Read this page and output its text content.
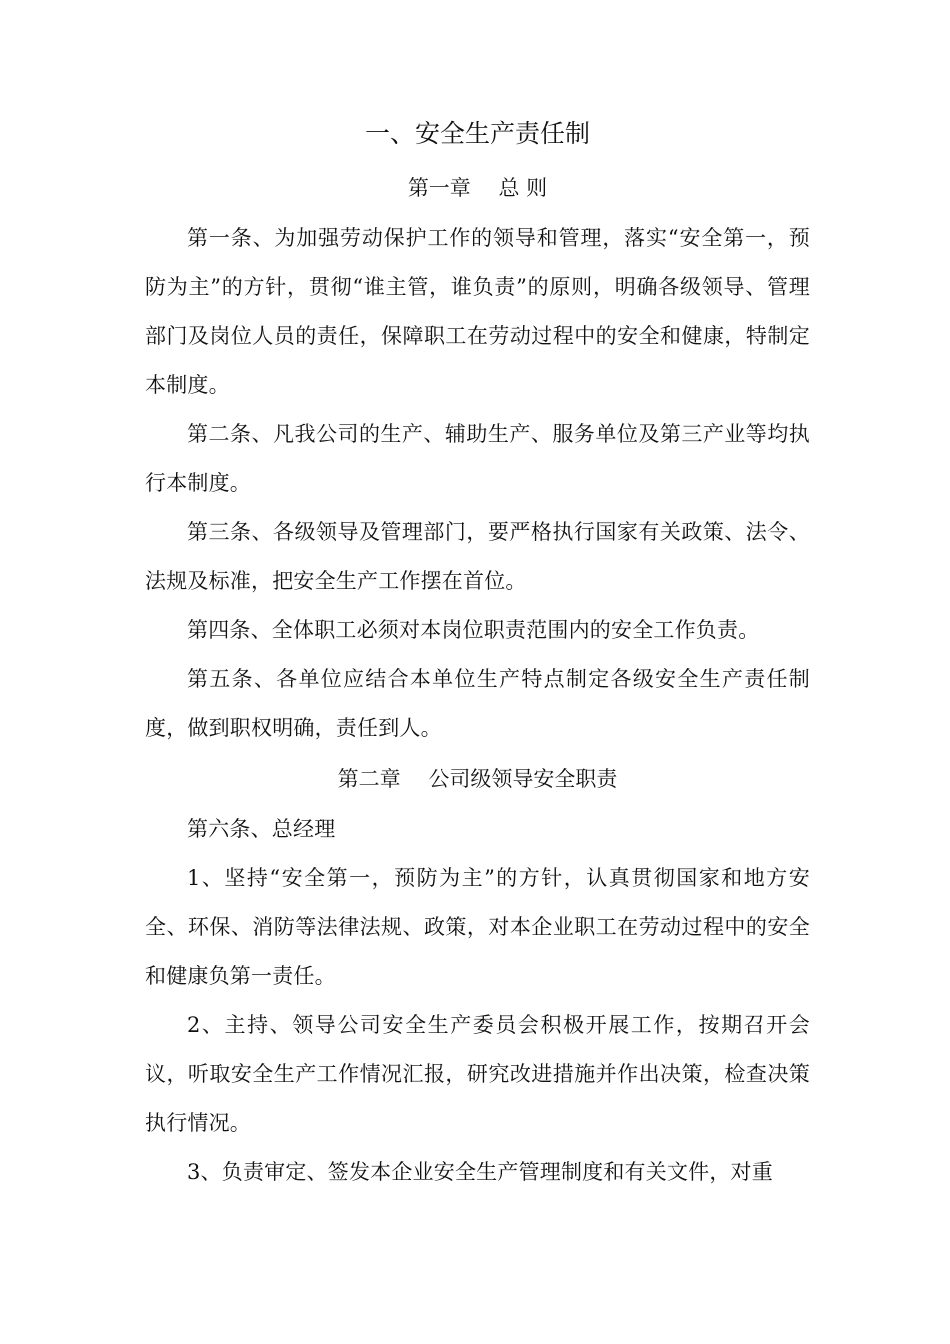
一、安全生产责任制
第一章　 总 则

第一条、为加强劳动保护工作的领导和管理，落实“安全第一，预防为主”的方针，贯彻“谁主管，谁负责”的原则，明确各级领导、管理部门及岗位人员的责任，保障职工在劳动过程中的安全和健康，特制定本制度。

第二条、凡我公司的生产、辅助生产、服务单位及第三产业等均执行本制度。

第三条、各级领导及管理部门，要严格执行国家有关政策、法令、法规及标准，把安全生产工作摆在首位。

第四条、全体职工必须对本岗位职责范围内的安全工作负责。

第五条、各单位应结合本单位生产特点制定各级安全生产责任制度，做到职权明确，责任到人。

第二章　 公司级领导安全职责

第六条、总经理

1、坚持“安全第一，预防为主”的方针，认真贯彻国家和地方安全、环保、消防等法律法规、政策，对本企业职工在劳动过程中的安全和健康负第一责任。

2、主持、领导公司安全生产委员会积极开展工作，按期召开会议，听取安全生产工作情况汇报，研究改进措施并作出决策，检查决策执行情况。

3、负责审定、签发本企业安全生产管理制度和有关文件，对重
